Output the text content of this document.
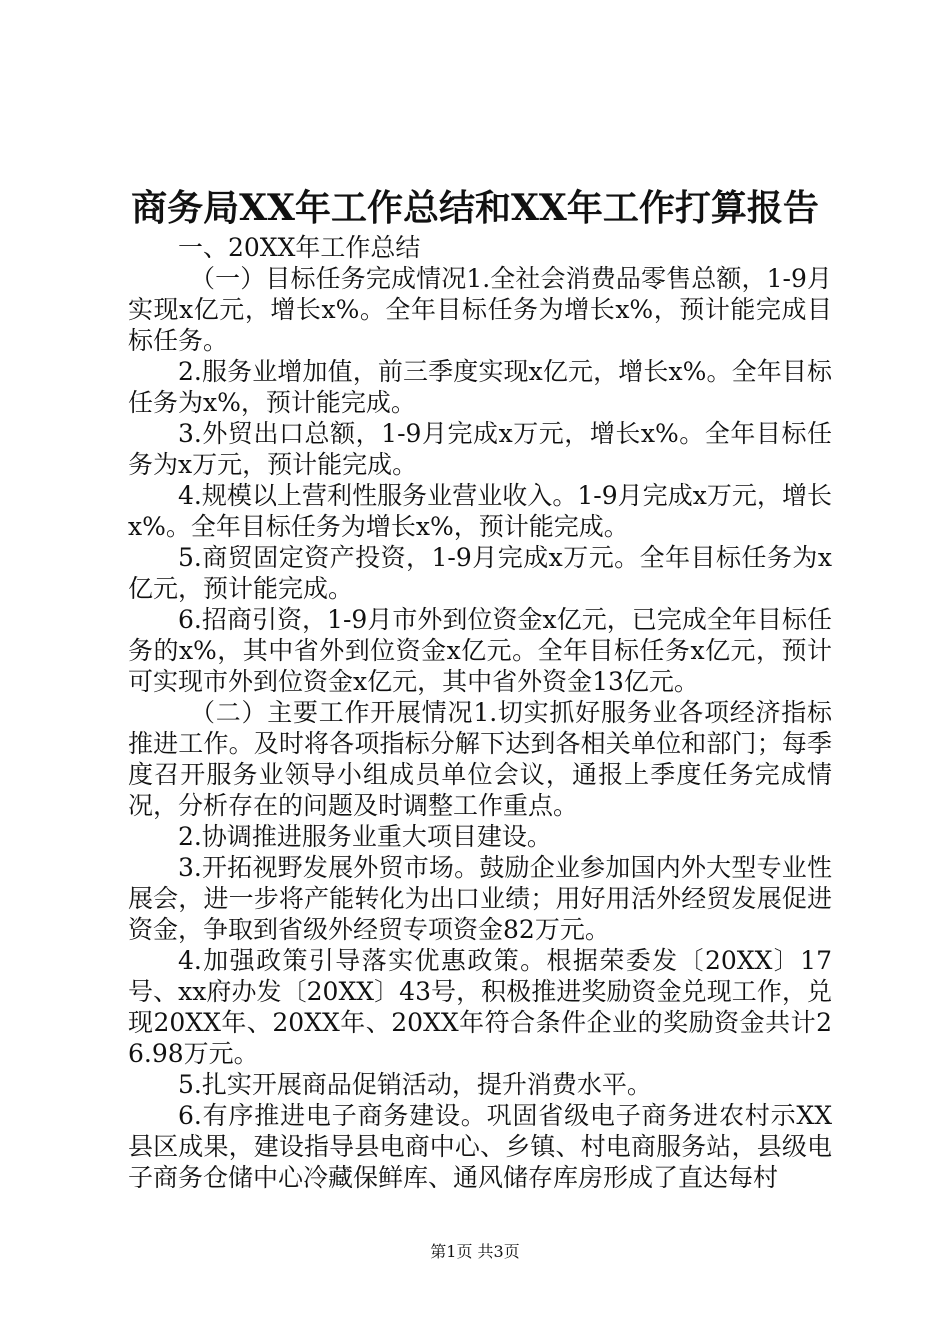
商务局XX年工作总结和XX年工作打算报告

一、20XX年工作总结

（一）目标任务完成情况1.全社会消费品零售总额，1-9月实现x亿元，增长x%。全年目标任务为增长x%，预计能完成目标任务。

2.服务业增加值，前三季度实现x亿元，增长x%。全年目标任务为x%，预计能完成。

3.外贸出口总额，1-9月完成x万元，增长x%。全年目标任务为x万元，预计能完成。

4.规模以上营利性服务业营业收入。1-9月完成x万元，增长x%。全年目标任务为增长x%，预计能完成。

5.商贸固定资产投资，1-9月完成x万元。全年目标任务为x亿元，预计能完成。

6.招商引资，1-9月市外到位资金x亿元，已完成全年目标任务的x%，其中省外到位资金x亿元。全年目标任务x亿元，预计可实现市外到位资金x亿元，其中省外资金13亿元。

（二）主要工作开展情况1.切实抓好服务业各项经济指标推进工作。及时将各项指标分解下达到各相关单位和部门；每季度召开服务业领导小组成员单位会议，通报上季度任务完成情况，分析存在的问题及时调整工作重点。

2.协调推进服务业重大项目建设。

3.开拓视野发展外贸市场。鼓励企业参加国内外大型专业性展会，进一步将产能转化为出口业绩；用好用活外经贸发展促进资金，争取到省级外经贸专项资金82万元。

4.加强政策引导落实优惠政策。根据荣委发〔20XX〕17号、xx府办发〔20XX〕43号，积极推进奖励资金兑现工作，兑现20XX年、20XX年、20XX年符合条件企业的奖励资金共计26.98万元。

5.扎实开展商品促销活动，提升消费水平。

6.有序推进电子商务建设。巩固省级电子商务进农村示XX县区成果，建设指导县电商中心、乡镇、村电商服务站，县级电子商务仓储中心冷藏保鲜库、通风储存库房形成了直达每村

第1页 共3页
